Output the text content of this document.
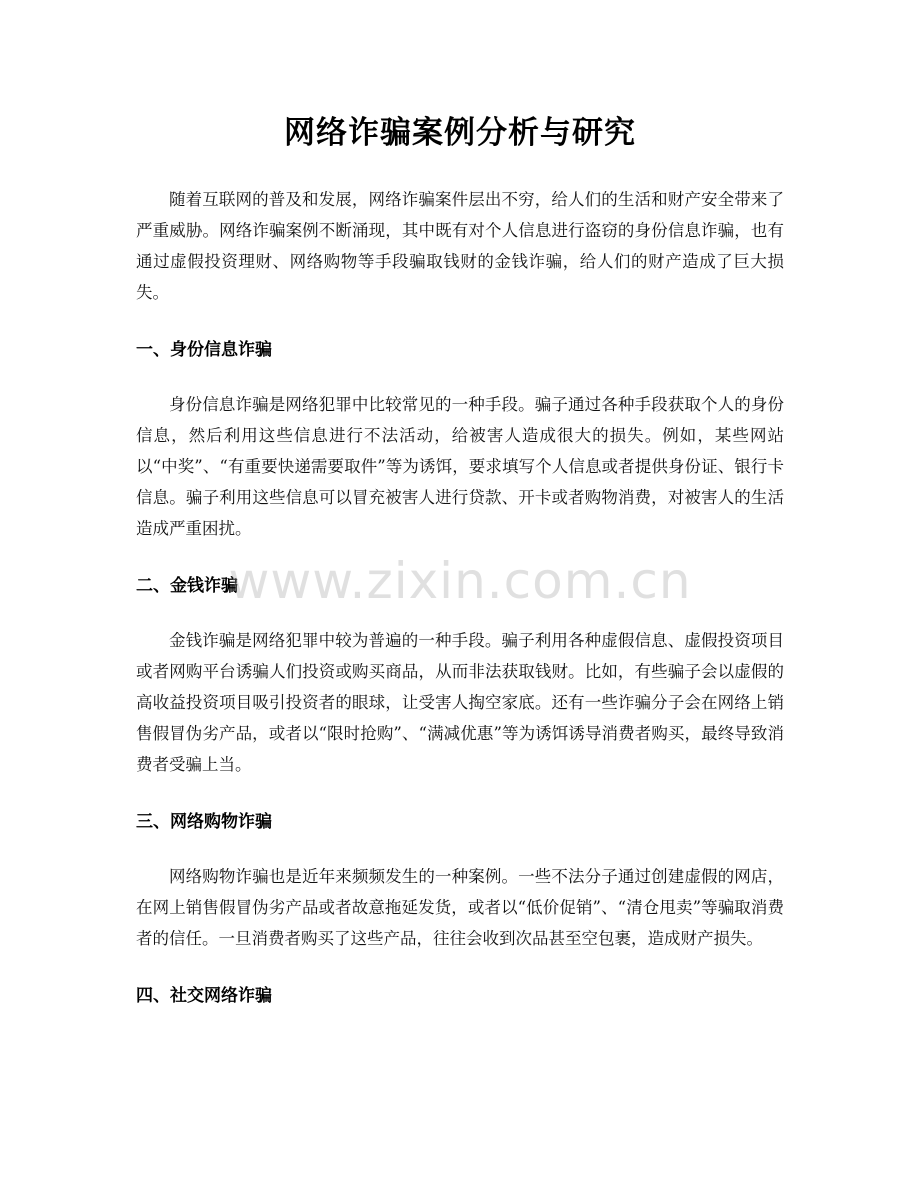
网络诈骗案例分析与研究

随着互联网的普及和发展，网络诈骗案件层出不穷，给人们的生活和财产安全带来了严重威胁。网络诈骗案例不断涌现，其中既有对个人信息进行盗窃的身份信息诈骗，也有通过虚假投资理财、网络购物等手段骗取钱财的金钱诈骗，给人们的财产造成了巨大损失。

一、身份信息诈骗

身份信息诈骗是网络犯罪中比较常见的一种手段。骗子通过各种手段获取个人的身份信息，然后利用这些信息进行不法活动，给被害人造成很大的损失。例如，某些网站以“中奖”、“有重要快递需要取件”等为诱饵，要求填写个人信息或者提供身份证、银行卡信息。骗子利用这些信息可以冒充被害人进行贷款、开卡或者购物消费，对被害人的生活造成严重困扰。

二、金钱诈骗

金钱诈骗是网络犯罪中较为普遍的一种手段。骗子利用各种虚假信息、虚假投资项目或者网购平台诱骗人们投资或购买商品，从而非法获取钱财。比如，有些骗子会以虚假的高收益投资项目吸引投资者的眼球，让受害人掏空家底。还有一些诈骗分子会在网络上销售假冒伪劣产品，或者以“限时抢购”、“满减优惠”等为诱饵诱导消费者购买，最终导致消费者受骗上当。

三、网络购物诈骗

网络购物诈骗也是近年来频频发生的一种案例。一些不法分子通过创建虚假的网店，在网上销售假冒伪劣产品或者故意拖延发货，或者以“低价促销”、“清仓甩卖”等骗取消费者的信任。一旦消费者购买了这些产品，往往会收到次品甚至空包裹，造成财产损失。

四、社交网络诈骗
www.zixin.com.cn
